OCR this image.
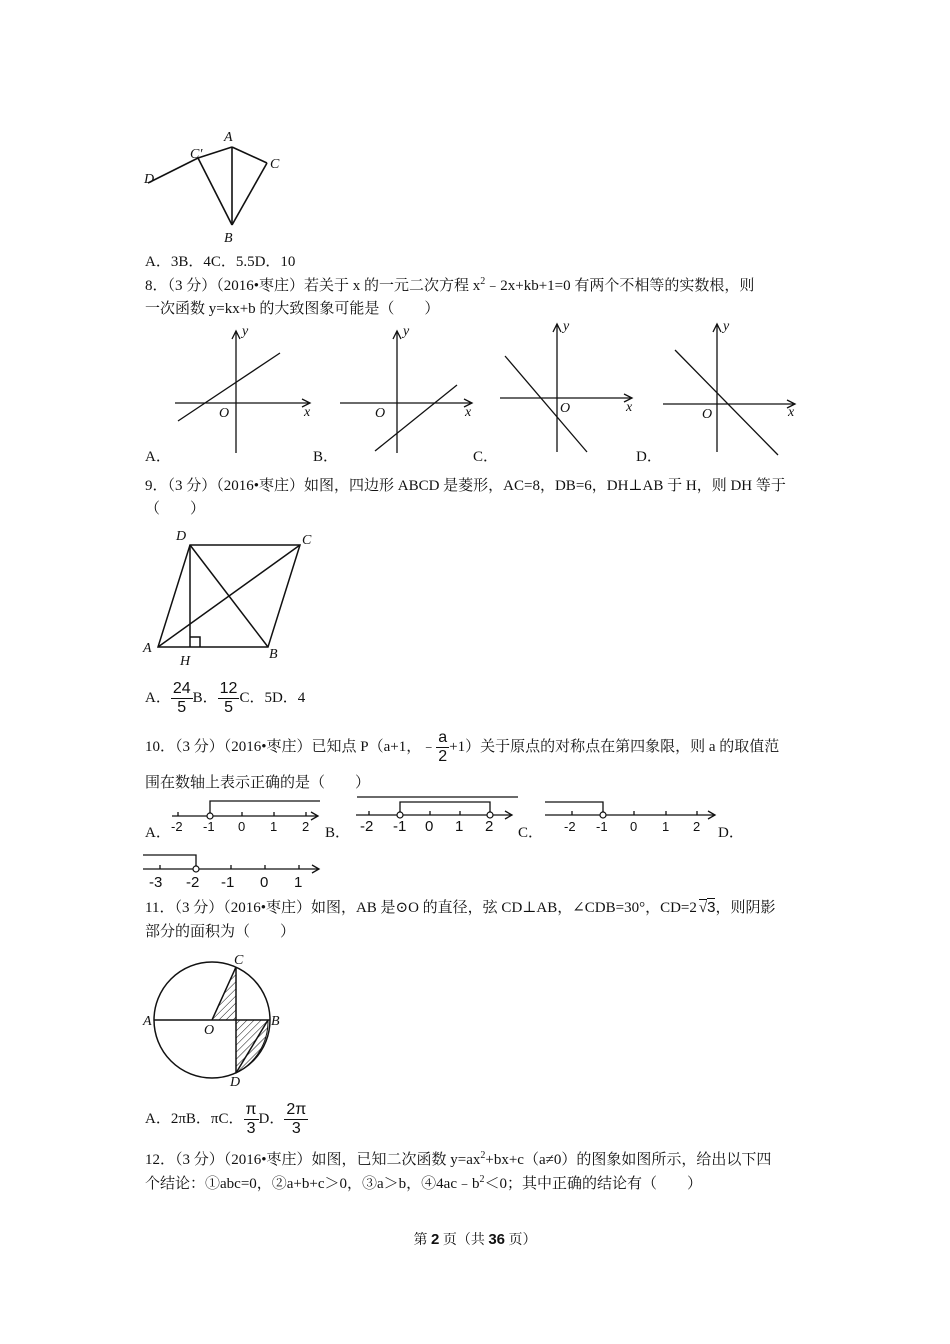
D
C′
A
C
B
A．3B．4C．5.5D．10
8．（3 分）（2016•枣庄）若关于 x 的一元二次方程 $x^2﹣2x+kb+1=0$ 有两个不相等的实数根，则
一次函数 y=kx+b 的大致图象可能是（　　）
x
y
O	x
y
O	x
y
O	x
y
O
A．	B．	C．	D．
9．（3 分）（2016•枣庄）如图，四边形 ABCD 是菱形，AC=8，DB=6，DH⊥AB 于 H，则 DH 等于
（　　）
A
D	C
B
H
A． $\frac{24}{5}$ B． $\frac{12}{5}$ C．5D．4
10．（3 分）（2016•枣庄）已知点 P（a+1，﹣ $\frac{a}{2} +1$）关于原点的对称点在第四象限，则 a 的取值范
围在数轴上表示正确的是（　　）
-2 -1 0 1 2
A．	B． -2 -1 0 1 2 C． -2 -1 0 1 2 D．
-3 -2 -1 0 1
11．（3 分）（2016•枣庄）如图，AB 是⊙O 的直径，弦 CD⊥AB，∠CDB=30°，CD=2 √3，则阴影
部分的面积为（　　）
A
O
B
C
D
A．2πB．πC． $\frac{\pi}{3}$ D． $\frac{2\pi}{3}$
12．（3 分）（2016•枣庄）如图，已知二次函数 $y=ax^2+bx+c(a\ne 0)$的图象如图所示，给出以下四
个结论：①abc=0，②a+b+c＞0，③a＞b，$④4ac﹣b^2<0$；其中正确的结论有（　　）
第 2 页（共 36 页）
